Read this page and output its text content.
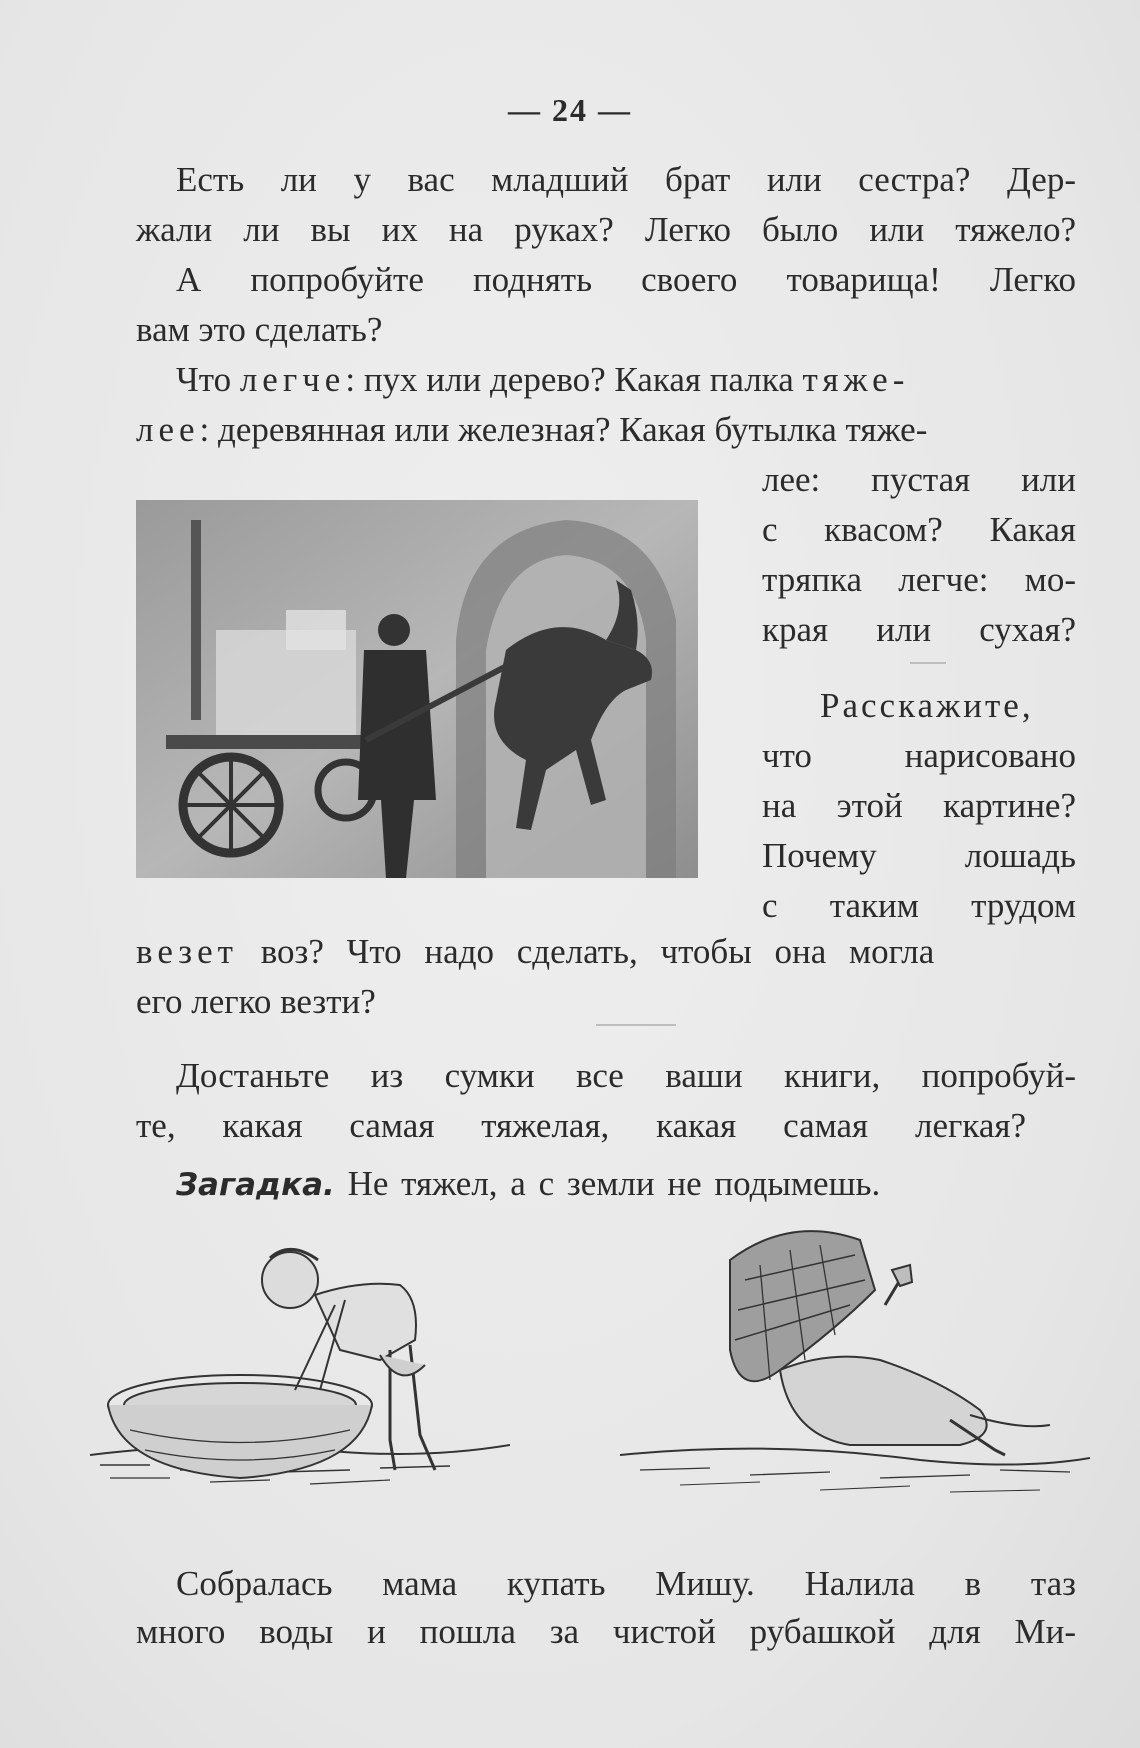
— 24 —
Есть ли у вас младший брат или сестра? Дер-
жали ли вы их на руках? Легко было или тяжело?
А попробуйте поднять своего товарища! Легко
вам это сделать?
Что легче: пух или дерево? Какая палка тяже-
лее: деревянная или железная? Какая бутылка тяже-
лее: пустая или
с квасом? Какая
тряпка легче: мо-
края или сухая?
Расскажите,
что нарисовано
на этой картине?
Почему лошадь
с таким трудом
везет воз? Что надо сделать, чтобы она могла
его легко везти?
Достаньте из сумки все ваши книги, попробуй-
те, какая самая тяжелая, какая самая легкая?
Загадка. Не тяжел, а с земли не подымешь.
Собралась мама купать Мишу. Налила в таз
много воды и пошла за чистой рубашкой для Ми-
